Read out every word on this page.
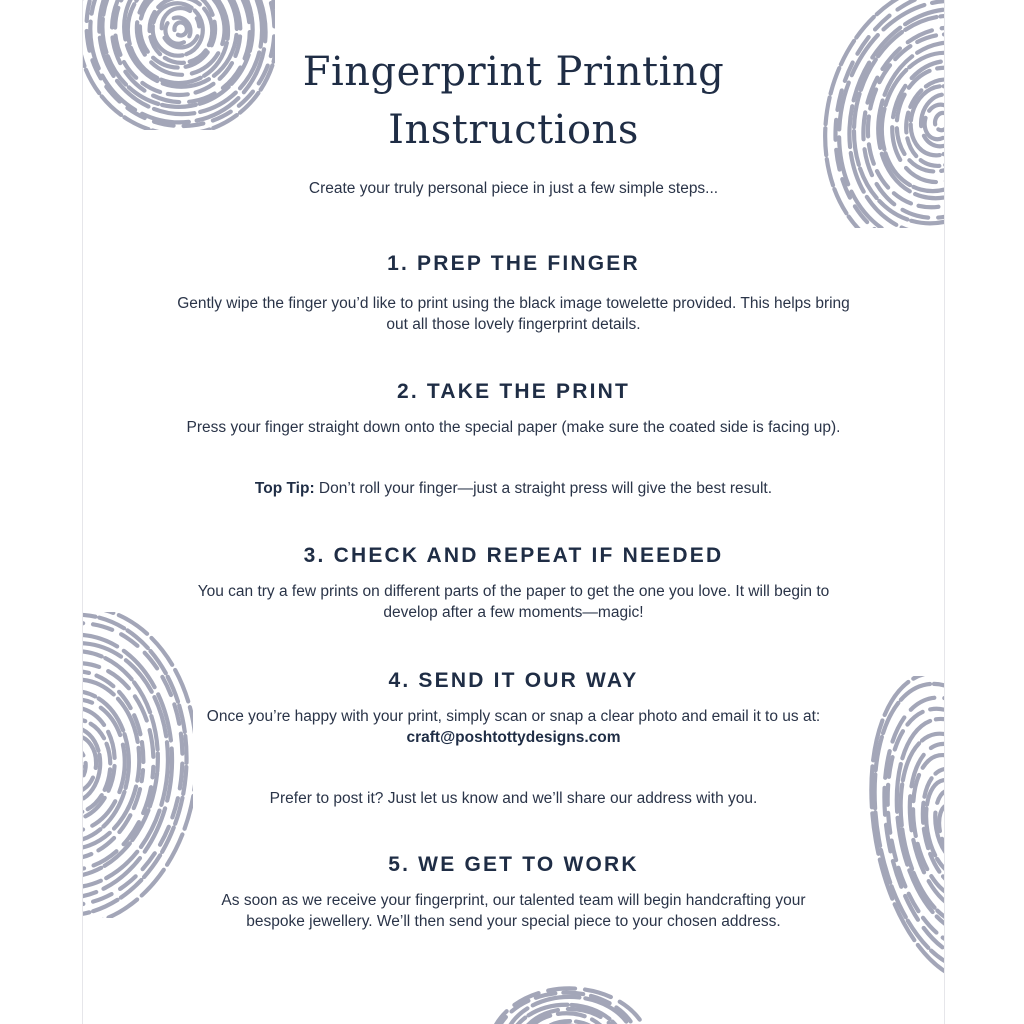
Fingerprint Printing
Instructions
Create your truly personal piece in just a few simple steps...
1. PREP THE FINGER
Gently wipe the finger you’d like to print using the black image towelette provided. This helps bring out all those lovely fingerprint details.
2. TAKE THE PRINT
Press your finger straight down onto the special paper (make sure the coated side is facing up).
Top Tip: Don’t roll your finger—just a straight press will give the best result.
3. CHECK AND REPEAT IF NEEDED
You can try a few prints on different parts of the paper to get the one you love. It will begin to develop after a few moments—magic!
4. SEND IT OUR WAY
Once you’re happy with your print, simply scan or snap a clear photo and email it to us at:
craft@poshtottydesigns.com
Prefer to post it? Just let us know and we’ll share our address with you.
5. WE GET TO WORK
As soon as we receive your fingerprint, our talented team will begin handcrafting your bespoke jewellery. We’ll then send your special piece to your chosen address.
